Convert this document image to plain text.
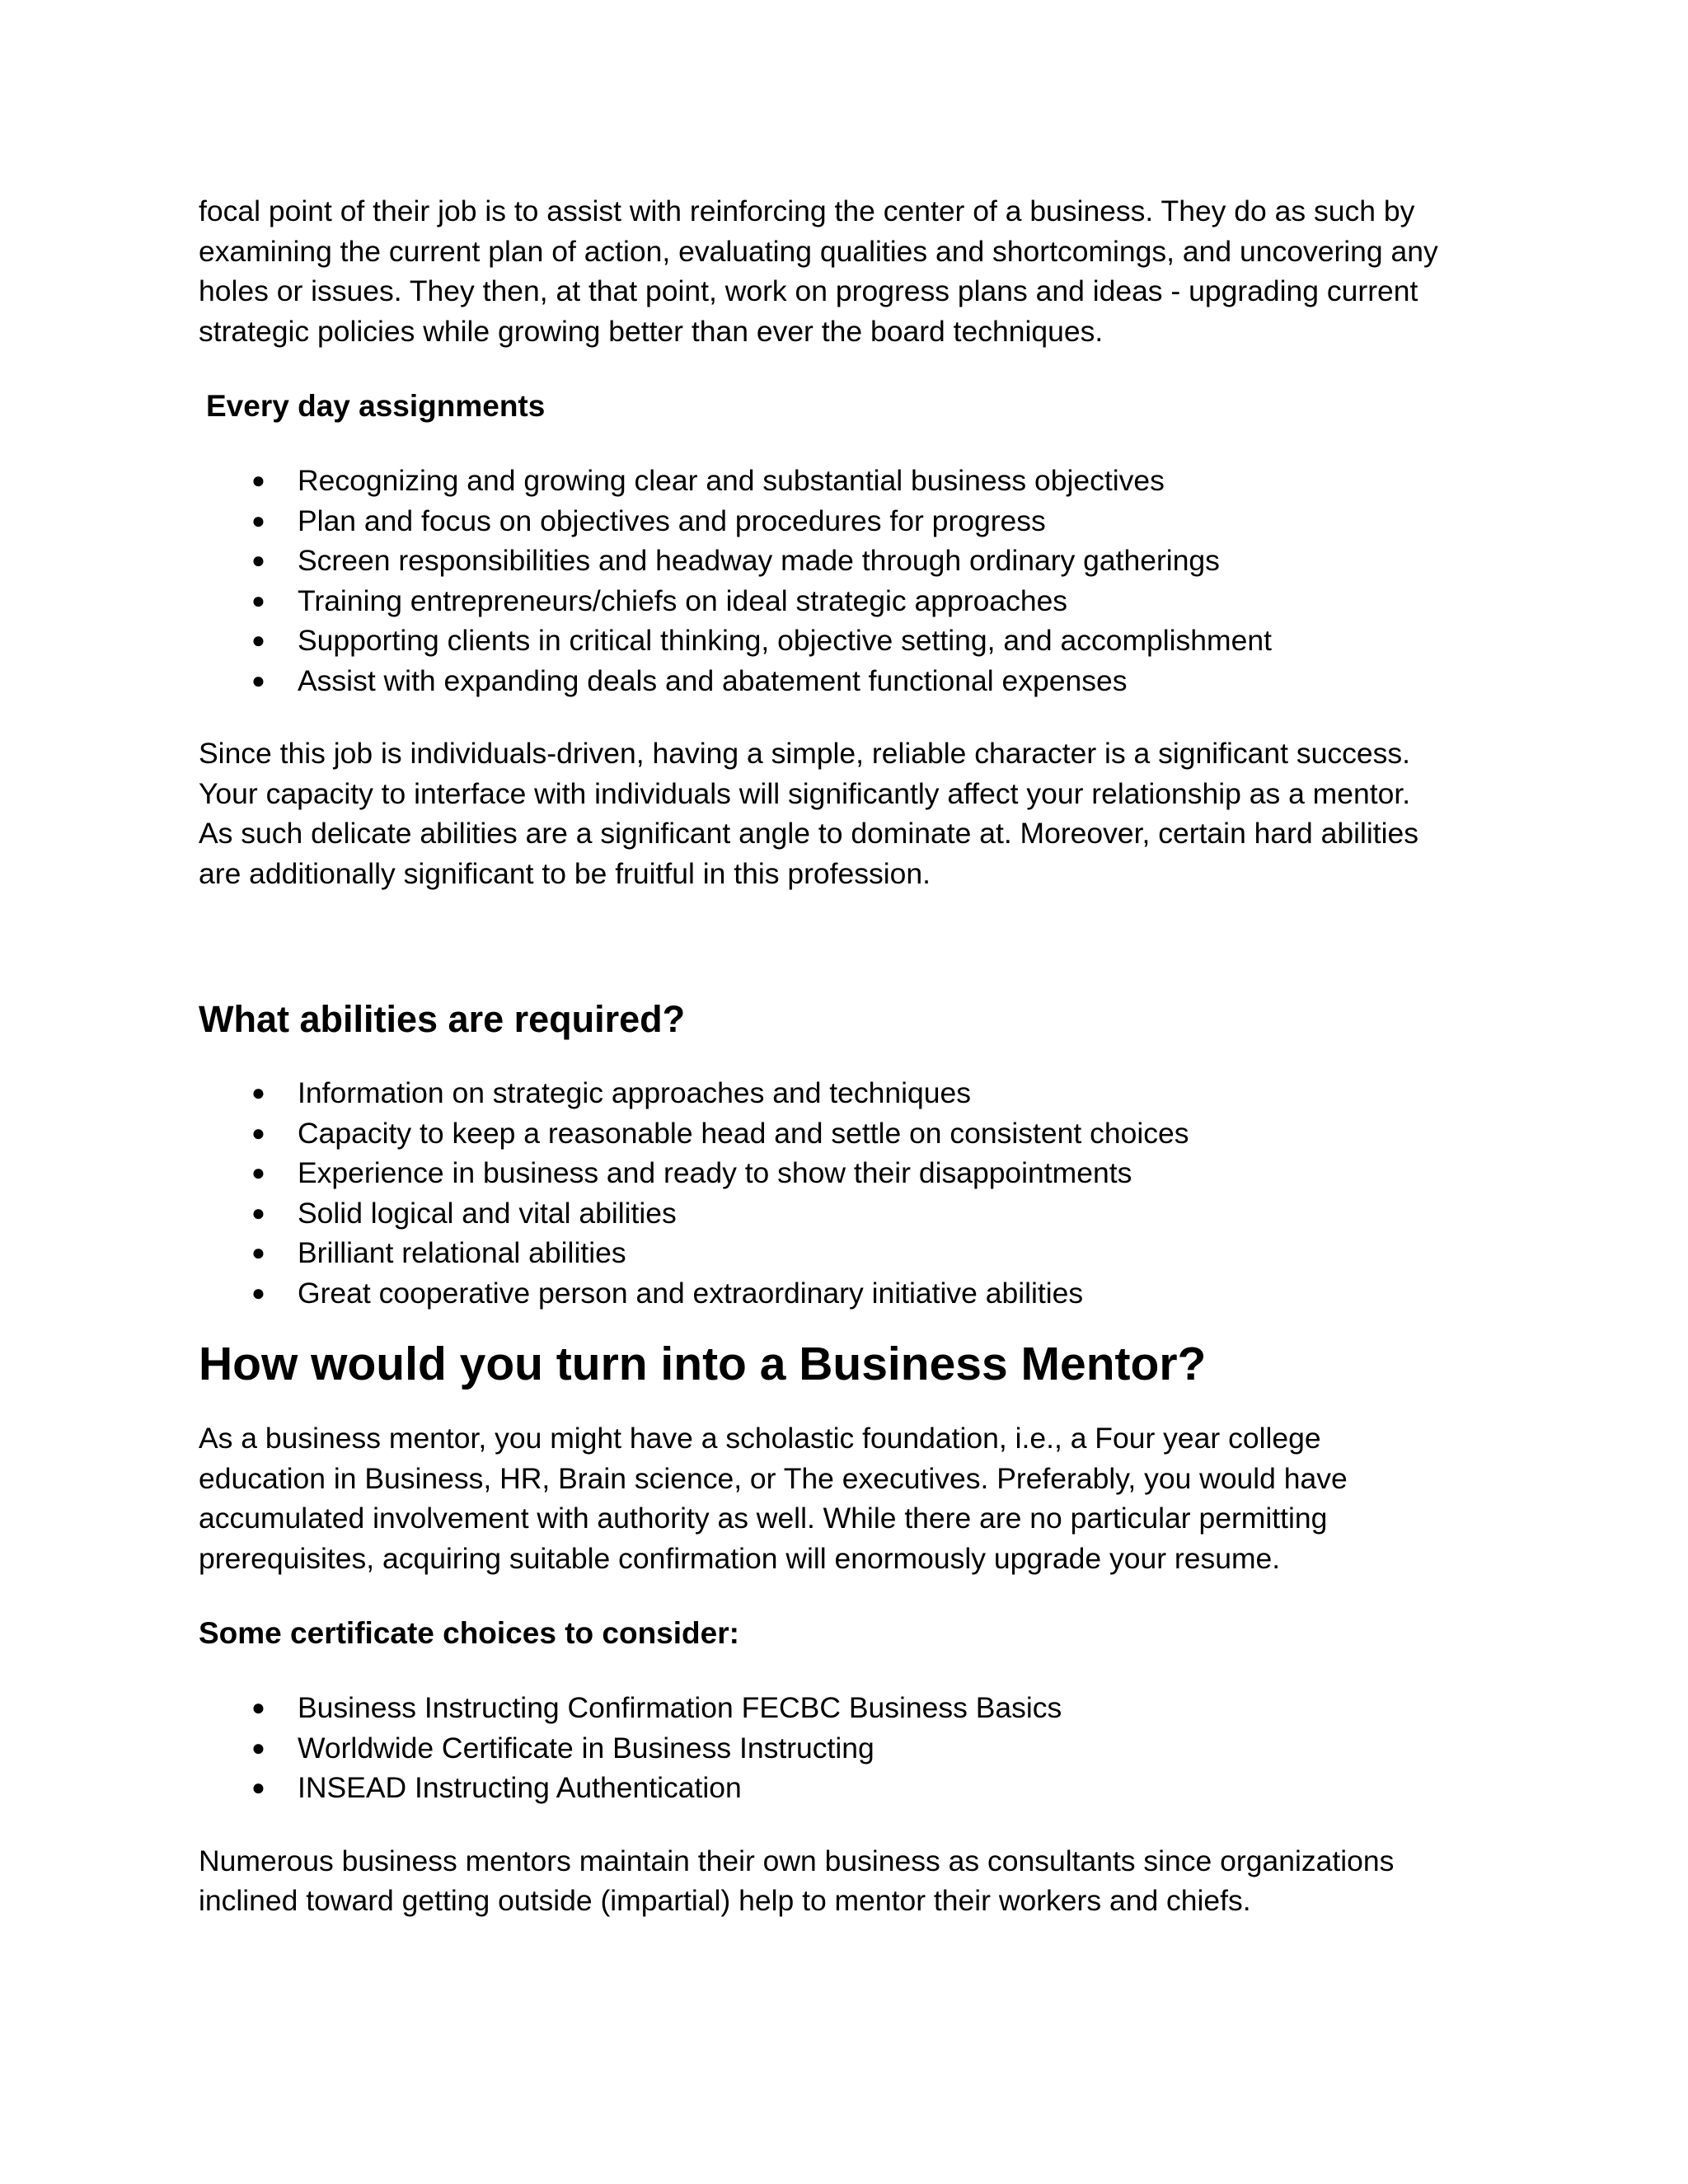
focal point of their job is to assist with reinforcing the center of a business. They do as such by
examining the current plan of action, evaluating qualities and shortcomings, and uncovering any
holes or issues. They then, at that point, work on progress plans and ideas - upgrading current
strategic policies while growing better than ever the board techniques.

Every day assignments
● Recognizing and growing clear and substantial business objectives
● Plan and focus on objectives and procedures for progress
● Screen responsibilities and headway made through ordinary gatherings
● Training entrepreneurs/chiefs on ideal strategic approaches
● Supporting clients in critical thinking, objective setting, and accomplishment
● Assist with expanding deals and abatement functional expenses

Since this job is individuals-driven, having a simple, reliable character is a significant success.
Your capacity to interface with individuals will significantly affect your relationship as a mentor.
As such delicate abilities are a significant angle to dominate at. Moreover, certain hard abilities
are additionally significant to be fruitful in this profession.

What abilities are required?
● Information on strategic approaches and techniques
● Capacity to keep a reasonable head and settle on consistent choices
● Experience in business and ready to show their disappointments
● Solid logical and vital abilities
● Brilliant relational abilities
● Great cooperative person and extraordinary initiative abilities
How would you turn into a Business Mentor?

As a business mentor, you might have a scholastic foundation, i.e., a Four year college
education in Business, HR, Brain science, or The executives. Preferably, you would have
accumulated involvement with authority as well. While there are no particular permitting
prerequisites, acquiring suitable confirmation will enormously upgrade your resume.

Some certificate choices to consider:
● Business Instructing Confirmation FECBC Business Basics
● Worldwide Certificate in Business Instructing
● INSEAD Instructing Authentication

Numerous business mentors maintain their own business as consultants since organizations
inclined toward getting outside (impartial) help to mentor their workers and chiefs.
